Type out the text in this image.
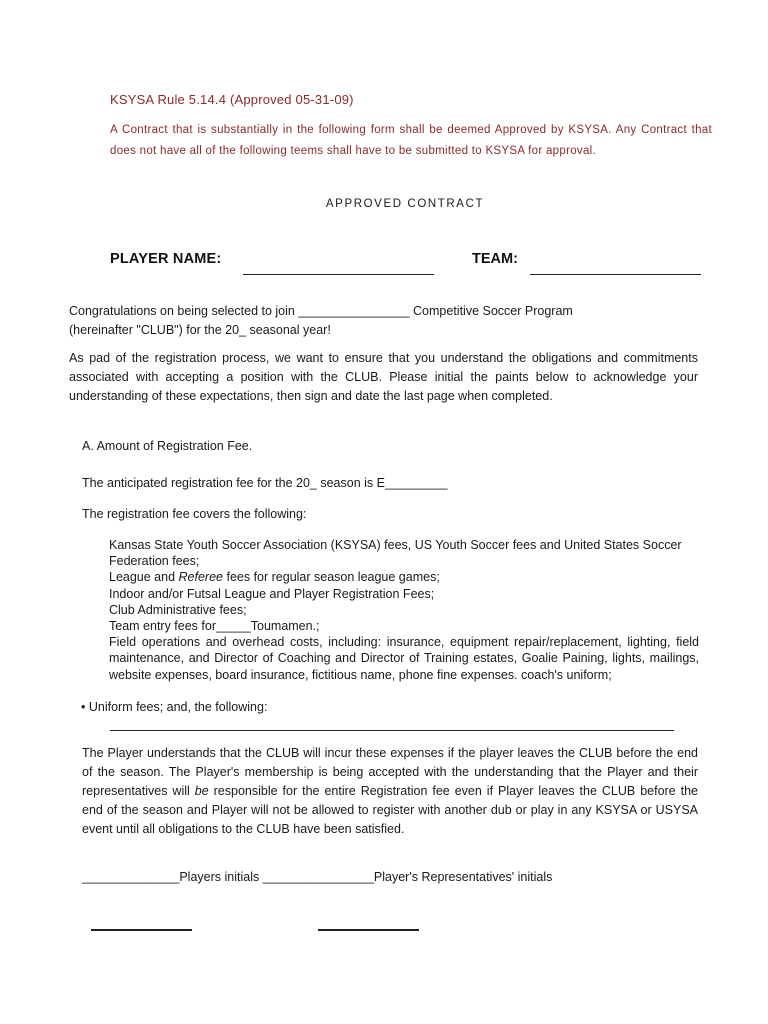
KSYSA Rule 5.14.4 (Approved 05-31-09)
A Contract that is substantially in the following form shall be deemed Approved by KSYSA. Any Contract that does not have all of the following teems shall have to be submitted to KSYSA for approval.
APPROVED CONTRACT
PLAYER NAME:	TEAM:
Congratulations on being selected to join ________________ Competitive Soccer Program
(hereinafter "CLUB") for the 20_ seasonal year!
As pad of the registration process, we want to ensure that you understand the obligations and commitments associated with accepting a position with the CLUB. Please initial the paints below to acknowledge your understanding of these expectations, then sign and date the last page when completed.
A. Amount of Registration Fee.
The anticipated registration fee for the 20_ season is E_________
The registration fee covers the following:
Kansas State Youth Soccer Association (KSYSA) fees, US Youth Soccer fees and United States Soccer Federation fees;
League and Referee fees for regular season league games;
Indoor and/or Futsal League and Player Registration Fees;
Club Administrative fees;
Team entry fees for_____Toumamen.;
Field operations and overhead costs, including: insurance, equipment repair/replacement, lighting, field maintenance, and Director of Coaching and Director of Training estates, Goalie Paining, lights, mailings, website expenses, board insurance, fictitious name, phone fine expenses. coach's uniform;
• Uniform fees; and, the following:
The Player understands that the CLUB will incur these expenses if the player leaves the CLUB before the end of the season. The Player's membership is being accepted with the understanding that the Player and their representatives will be responsible for the entire Registration fee even if Player leaves the CLUB before the end of the season and Player will not be allowed to register with another dub or play in any KSYSA or USYSA event until all obligations to the CLUB have been satisfied.
______________Players initials ________________Player's Representatives' initials
